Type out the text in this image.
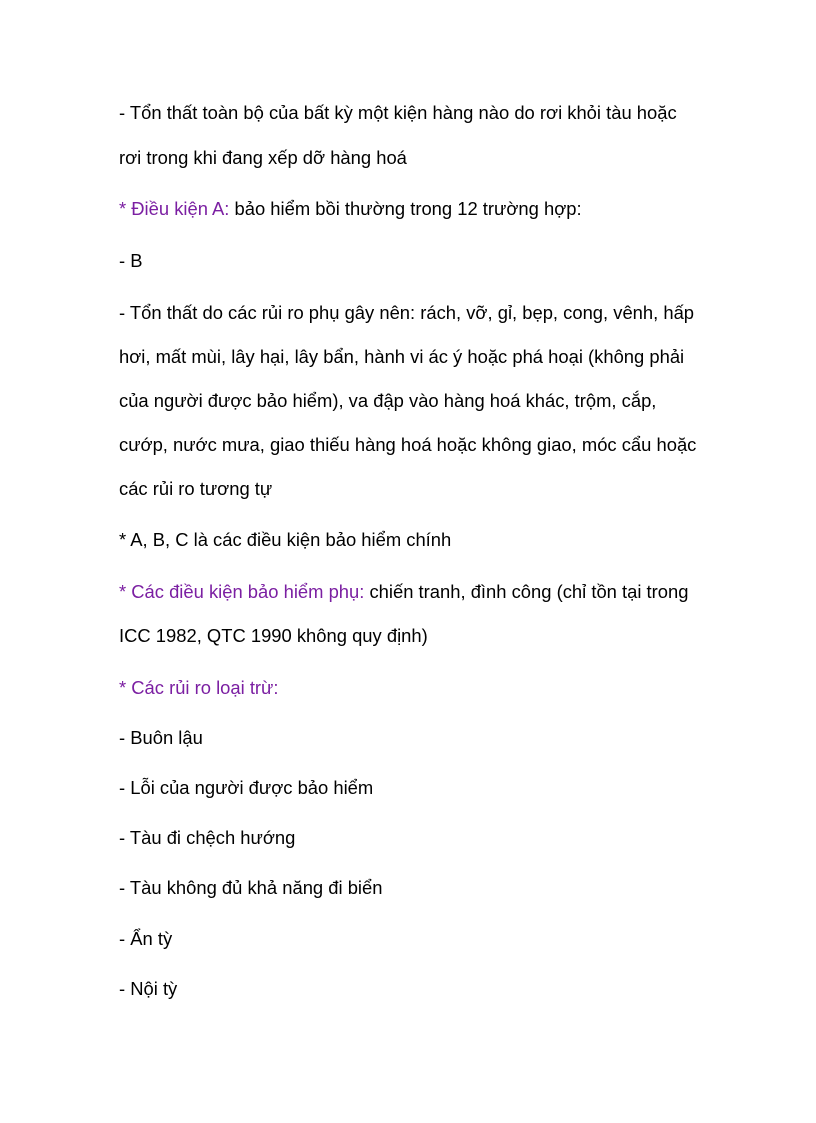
- Tổn thất toàn bộ của bất kỳ một kiện hàng nào do rơi khỏi tàu hoặc

rơi trong khi đang xếp dỡ hàng hoá

* Điều kiện A: bảo hiểm bồi thường trong 12 trường hợp:

- B

- Tổn thất do các rủi ro phụ gây nên: rách, vỡ, gỉ, bẹp, cong, vênh, hấp

hơi, mất mùi, lây hại, lây bẩn, hành vi ác ý hoặc phá hoại (không phải

của người được bảo hiểm), va đập vào hàng hoá khác, trộm, cắp,

cướp, nước mưa, giao thiếu hàng hoá hoặc không giao, móc cẩu hoặc

các rủi ro tương tự

* A, B, C là các điều kiện bảo hiểm chính

* Các điều kiện bảo hiểm phụ: chiến tranh, đình công (chỉ tồn tại trong

ICC 1982, QTC 1990 không quy định)

* Các rủi ro loại trừ:

- Buôn lậu

- Lỗi của người được bảo hiểm

- Tàu đi chệch hướng

- Tàu không đủ khả năng đi biển

- Ẩn tỳ

- Nội tỳ
